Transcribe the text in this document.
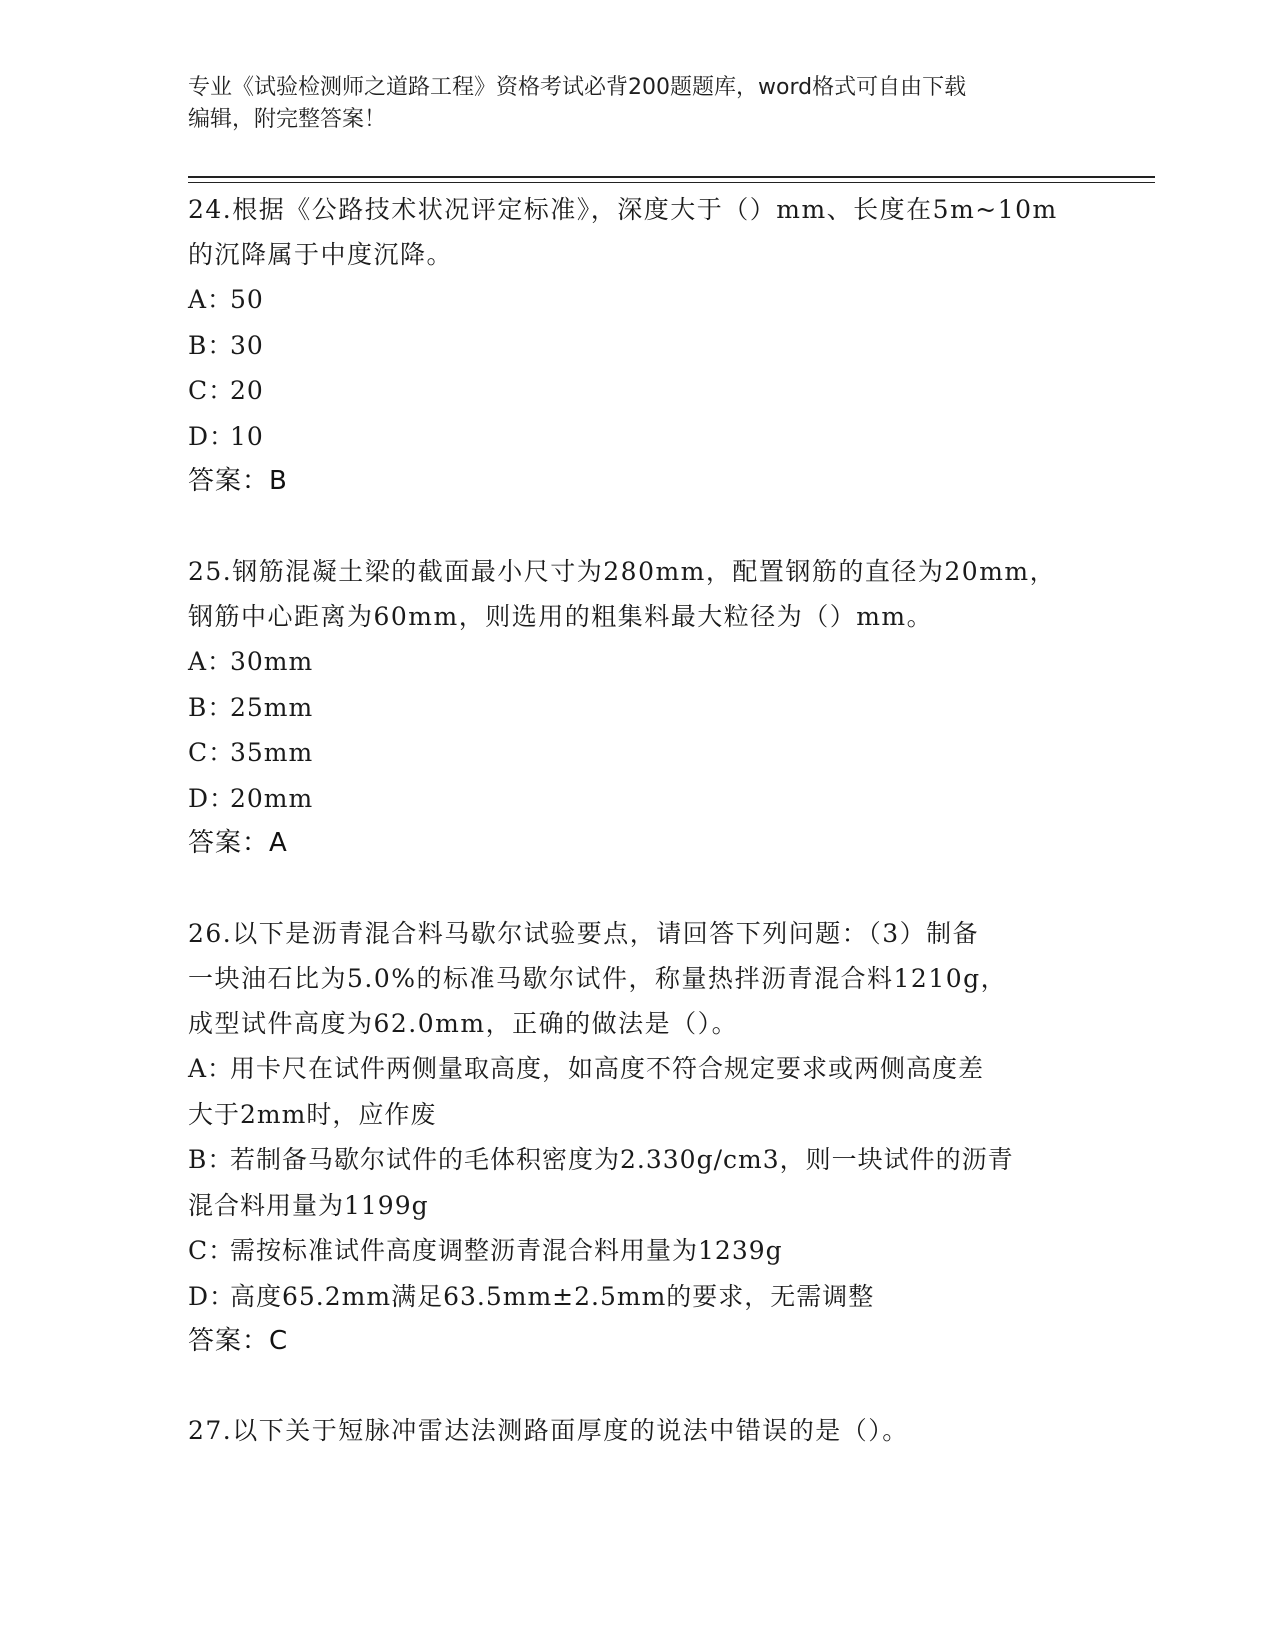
专业《试验检测师之道路工程》资格考试必背200题题库，word格式可自由下载
编辑，附完整答案！
24.根据《公路技术状况评定标准》，深度大于（）mm、长度在5m~10m
的沉降属于中度沉降。
A：50
B：30
C：20
D：10
答案：B
25.钢筋混凝土梁的截面最小尺寸为280mm，配置钢筋的直径为20mm，
钢筋中心距离为60mm，则选用的粗集料最大粒径为（）mm。
A：30mm
B：25mm
C：35mm
D：20mm
答案：A
26.以下是沥青混合料马歇尔试验要点，请回答下列问题：（3）制备
一块油石比为5.0%的标准马歇尔试件，称量热拌沥青混合料1210g，
成型试件高度为62.0mm，正确的做法是（）。
A：用卡尺在试件两侧量取高度，如高度不符合规定要求或两侧高度差
大于2mm时，应作废
B：若制备马歇尔试件的毛体积密度为2.330g/cm3，则一块试件的沥青
混合料用量为1199g
C：需按标准试件高度调整沥青混合料用量为1239g
D：高度65.2mm满足63.5mm±2.5mm的要求，无需调整
答案：C
27.以下关于短脉冲雷达法测路面厚度的说法中错误的是（）。
